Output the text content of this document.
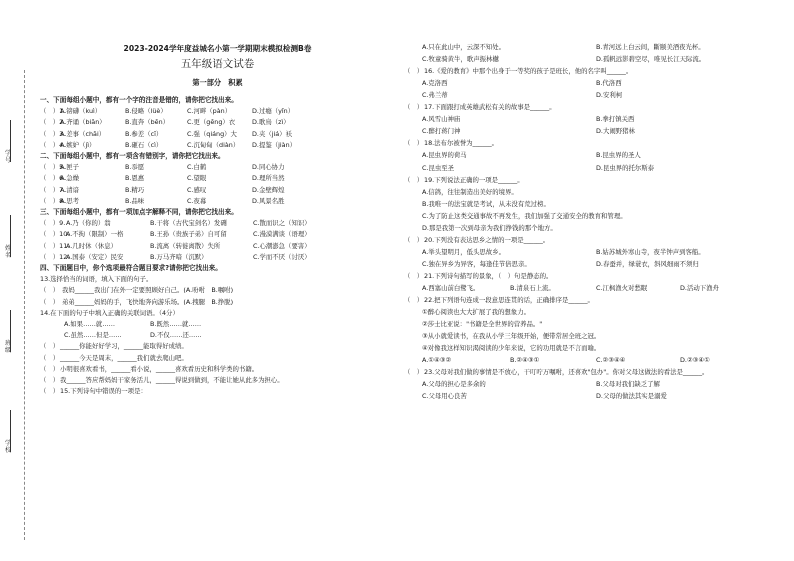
学号
姓名
班级
学校
2023-2024学年度益城名小第一学期期末模拟检测B卷
五年级语文试卷
第一部分　积累
一、下面每组小题中，都有一个字的注音是错的，请你把它找出来。
（　）1.
A.镑礴（kuì）	B.侵略（lüè）	C.河畔（pàn）	D.过瘾（yǐn）
（　）2.
A.齐诵（biān）	B.直奔（bēn）	C.更（gēng）衣	D.歌鳥（zì）
（　）3.
A.差事（chāi）	B.参差（cī）	C.强（qiáng）大 D.夹（jiá）袄
（　）4.
A.嫉妒（jì）	B.砸石（cì）	C.沉甸甸（diàn） D.提鉴（jiàn）
二、下面每组小题中，都有一项含有错别字，请你把它找出来。
（　）5.
A.匣子	B.忝愿	C.白鹤	D.同心协力
（　）6.
A.急燥	B.恩惠	C.望眼	D.理所当然
（　）7.
A.清谙	B.精巧	C.感叹	D.金壁辉煌
（　）8.
A.思考	B.品味	C.夜幕	D.风景名胜
三、下面每组小题中，都有一项加点字解释不同，请你把它找出来。
（　）9. A.乃（你的）翁	B.干将（古代宝剑名）发硎	C.散而识之（知识）
（　）10.
A.不拘（限制）一格	B.王孙（贵族子弟）自可留	C.漫漠满谈（语理）
（　）11.
A.几时休（休息）	B.流离（转徙离散）失所	C.心潮澎急（要害）
（　）12.
A.国泰（安定）民安	B.万马齐喑（沉默）	C.学而不厌（讨厌）
四、下面题目中，你个选项最符合题目要求?请你把它找出来。
13.选择恰当的词语，填入下面的句子。
（　） 我妈______我出门在外一定要照顾好自己。(A.吩咐　B.嘱咐)
（　） 弟弟______妈妈的手，飞快地奔向游乐场。(A.拽腿　B.挣脱)
14.在下面的句子中填入正确的关联词语。（4分）
A.如果……就……	B.既然……就……
C.虽然……但是……	D.不仅……还……
（　） ______你能好好学习，______能取得好成绩。
（　） ______今天是周末，______我们就去爬山吧。
（　） 小明很喜欢看书，______看小说，______喜欢看历史和科学类的书籍。
（　） 我______答应帮妈妈干家务活儿，______得说到做到，不能让她从此多为担心。
（　） 15.下列诗句中错误的一项是：
A.只在此山中，云深不知处。	B.青河远上白云间，斷颐美酒夜光杯。
C.牧童骑黄牛，歌声振林樾	D.孤帆远影碧空尽，唯见长江天际流。
（　） 16.《爱的教育》中那个出身于一等奖的孩子是班长，他的名字叫______。
A.克洛西	B.代洛西
C.弗兰蒂	D.安利柯
（　） 17.下面跟打成英雄武松有关的故事是______。
A.风雪山神庙	B.拳打镇关西
C.醉打蒋门神	D.大闹野猪林
（　） 18.法布尔被誉为______。
A.昆虫界的荷马	B.昆虫界的圣人
C.昆虫至圣	D.昆虫界的托尔斯泰
（　） 19.下列说法正确的一项是______。
A.信鸽，往往制造出美好的境界。
B.我唯一的法宝就是考试，从未没有荒过榜。
C.为了防止这类交通事故不再发生，我们加强了交通安全的教育和管理。
D.那是我第一次到母亲为我们挣钱的那个地方。
（　） 20.下列没有表达思乡之情的一项是______。
A.举头望明月，低头思故乡。	B.姑苏城外寒山寺，夜半钟声到客船。
C.独在异乡为异客，每逢佳节倍思亲。	D.春蚕并，绿蓑衣，斜风细雨不须归
（　） 21.下列诗句描写的景象，（　）句是静态的。
A.西塞山前白鹭飞。	B.清泉石上流。	C.江枫渔火对愁眠	D.活动下渔舟
（　） 22.把下列语句连成一段意思连贯的话，正确排序是______。
①醉心阅读也大大扩展了我的想象力。
②莎士比亚说："书籍是全世界的营养品。"
③从小就爱读书，在我从小学三年级开始，便带常居全班之冠。
④对像我这样知识渴阅读的少年来说，它的功用就是不言而喻。
A.①④③②	B.②④③①	C.②③④④	D.②③④①
（　） 23.父母对我们做的事情是不放心，干叮咛万嘱咐，还喜欢"包办"。你对父母这做法的看法是______。
A.父母的担心是多余的	B.父母对我们缺乏了解
C.父母用心良苦	D.父母的做法其实是溺爱
